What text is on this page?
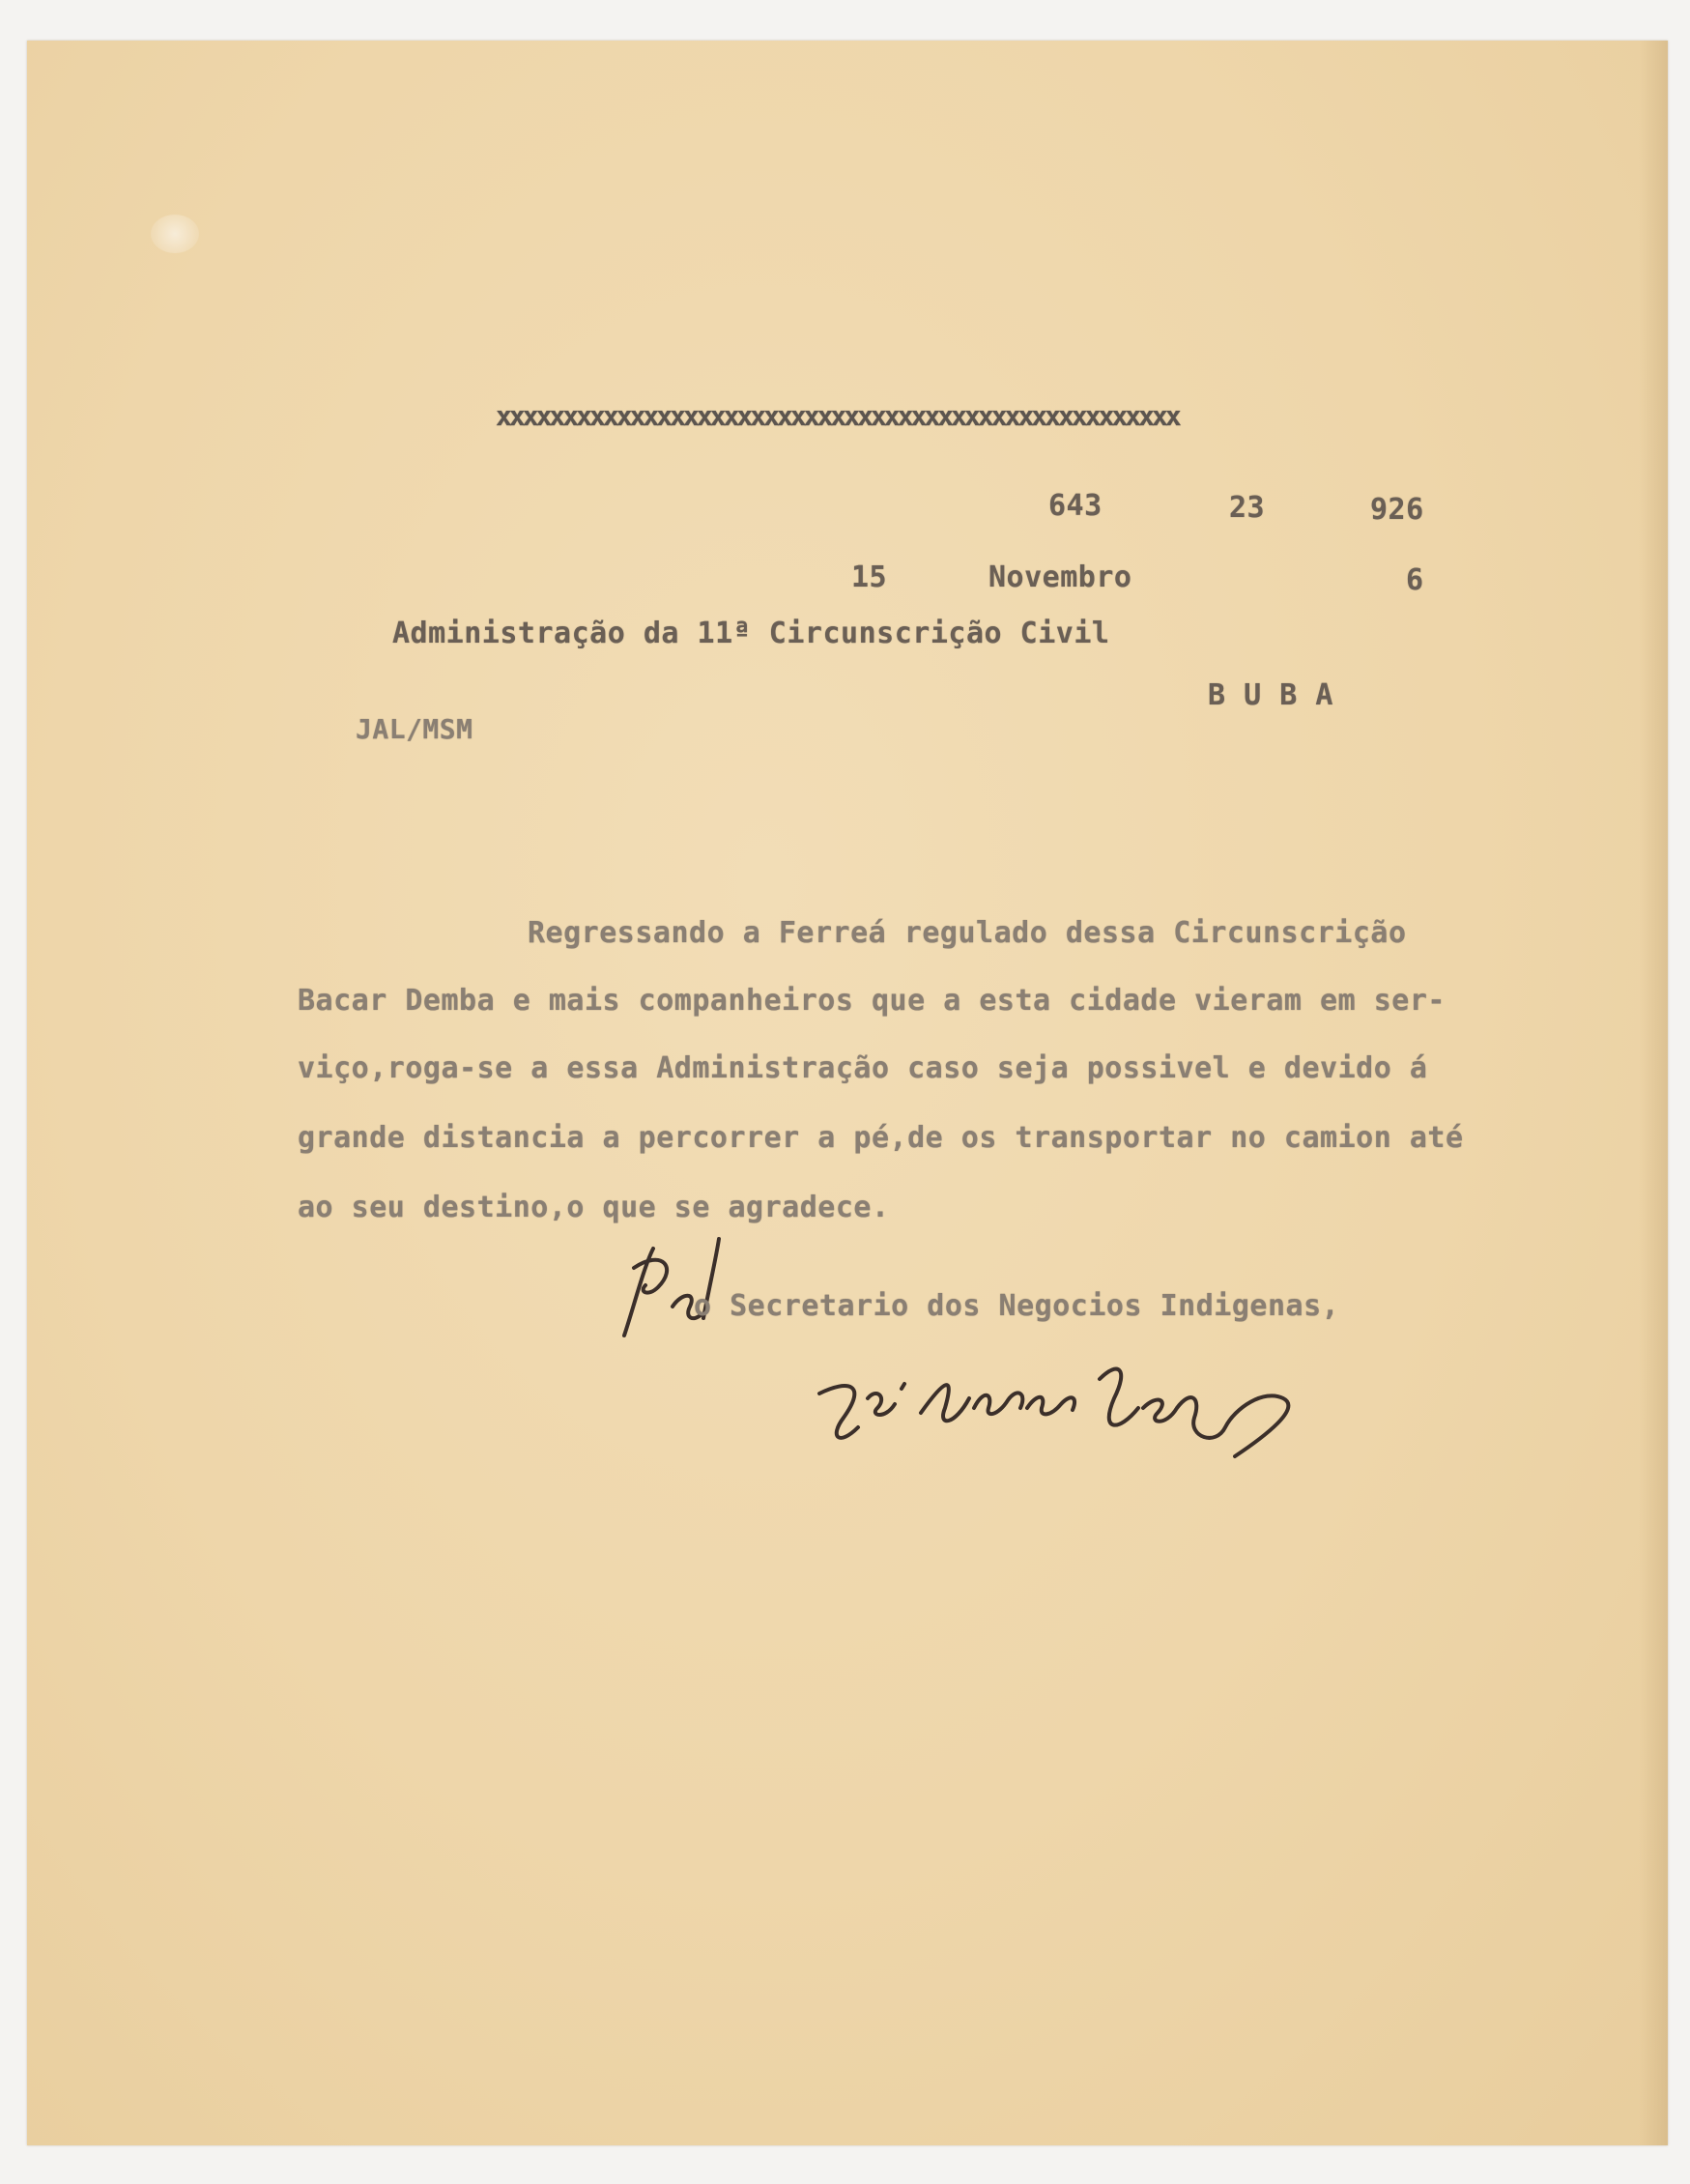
xxxxxxxxxxxxxxxxxxxxxxxxxxxxxxxxxxxxxxxxxxxxxxxxxxx
643	23	926
15	Novembro	6
Administração da 11ª Circunscrição Civil
B U B A
JAL/MSM
Regressando a Ferreá regulado dessa Circunscrição
Bacar Demba e mais companheiros que a esta cidade vieram em ser-
viço,roga-se a essa Administração caso seja possivel e devido á
grande distancia a percorrer a pé,de os transportar no camion até
ao seu destino,o que se agradece.
o Secretario dos Negocios Indigenas,
